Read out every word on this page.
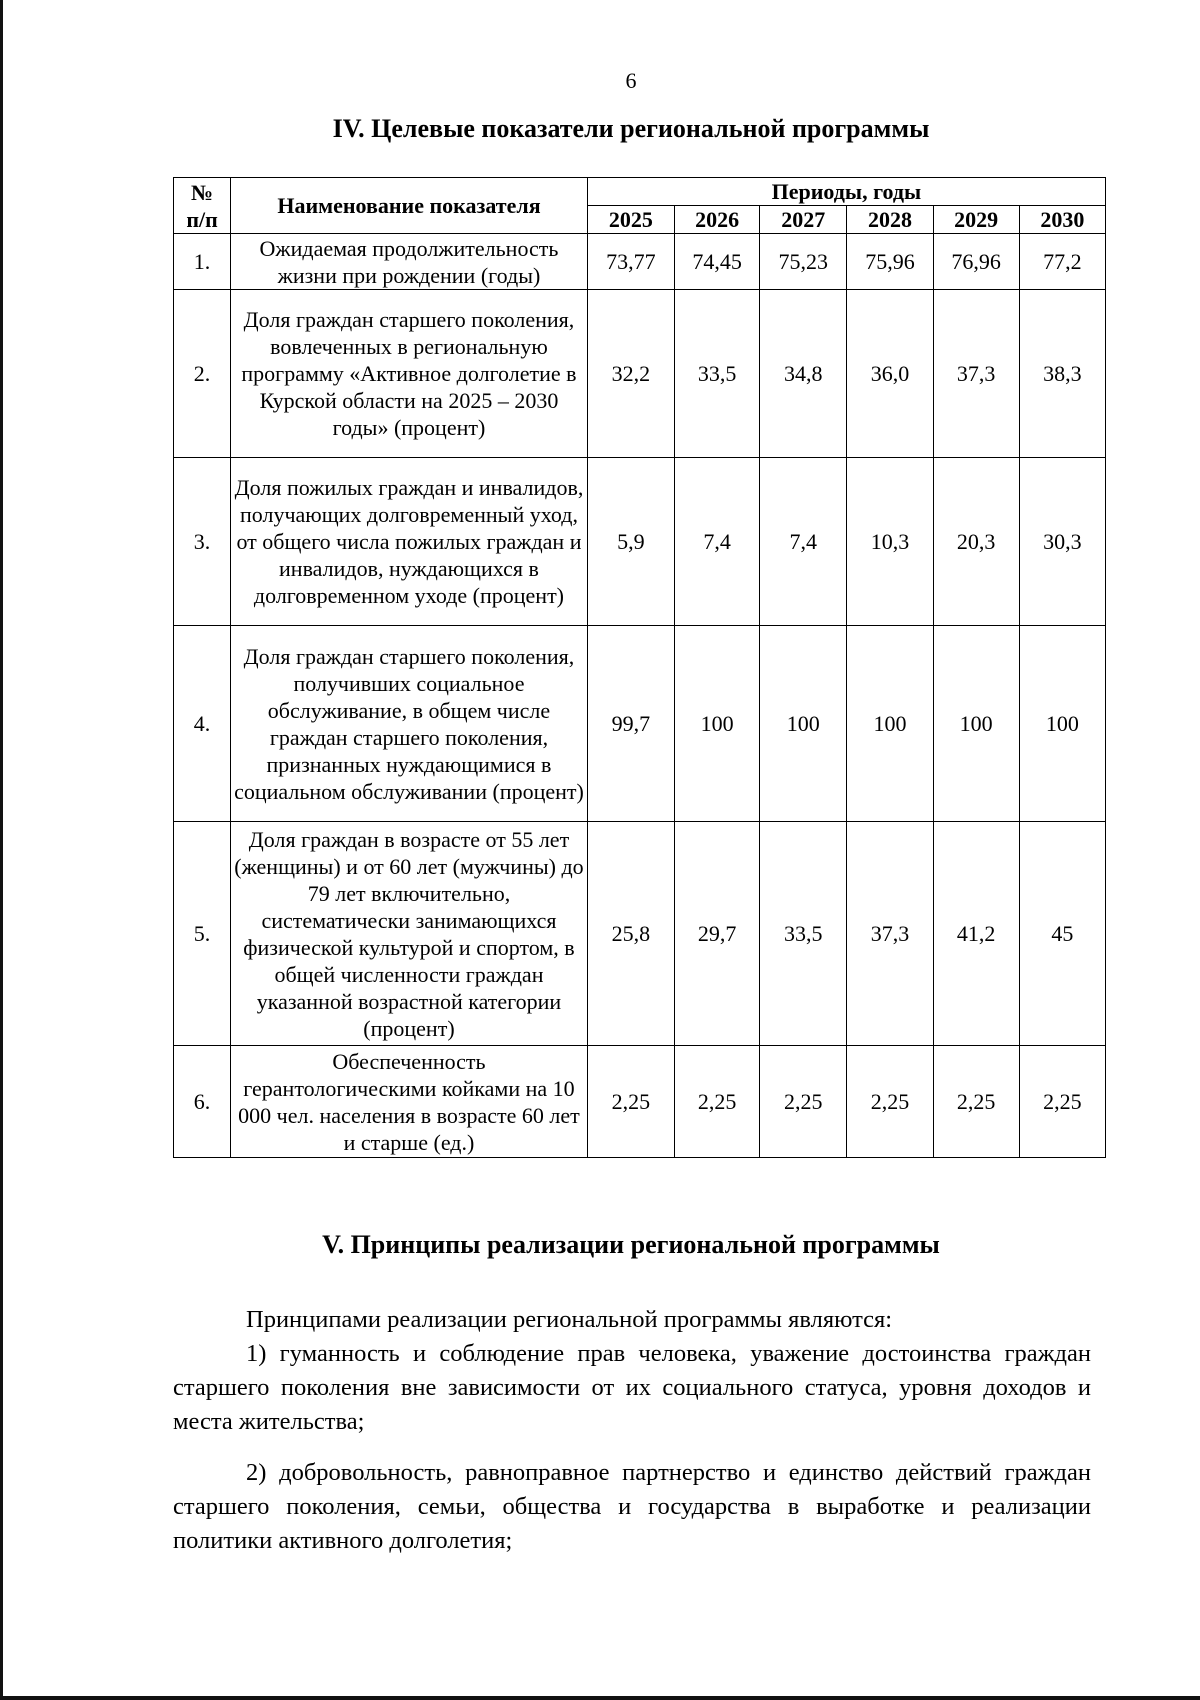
6
IV. Целевые показатели региональной программы
№
п/п	Наименование показателя	Периоды, годы					
		2025	2026	2027	2028	2029	2030
1.	Ожидаемая продолжительность жизни при рождении (годы)	73,77	74,45	75,23	75,96	76,96	77,2
2.	Доля граждан старшего поколения, вовлеченных в региональную программу «Активное долголетие в Курской области на 2025 – 2030 годы» (процент)	32,2	33,5	34,8	36,0	37,3	38,3
3.	Доля пожилых граждан и инвалидов, получающих долговременный уход, от общего числа пожилых граждан и инвалидов, нуждающихся в долговременном уходе (процент)	5,9	7,4	7,4	10,3	20,3	30,3
4.	Доля граждан старшего поколения, получивших социальное обслуживание, в общем числе граждан старшего поколения, признанных нуждающимися в социальном обслуживании (процент)	99,7	100	100	100	100	100
5.	Доля граждан в возрасте от 55 лет (женщины) и от 60 лет (мужчины) до 79 лет включительно, систематически занимающихся физической культурой и спортом, в общей численности граждан указанной возрастной категории (процент)	25,8	29,7	33,5	37,3	41,2	45
6.	Обеспеченность герантологическими койками на 10 000 чел. населения в возрасте 60 лет и старше (ед.)	2,25	2,25	2,25	2,25	2,25	2,25
V. Принципы реализации региональной программы
Принципами реализации региональной программы являются:
1) гуманность и соблюдение прав человека, уважение достоинства граждан старшего поколения вне зависимости от их социального статуса, уровня доходов и места жительства;
2) добровольность, равноправное партнерство и единство действий граждан старшего поколения, семьи, общества и государства в выработке и реализации политики активного долголетия;
